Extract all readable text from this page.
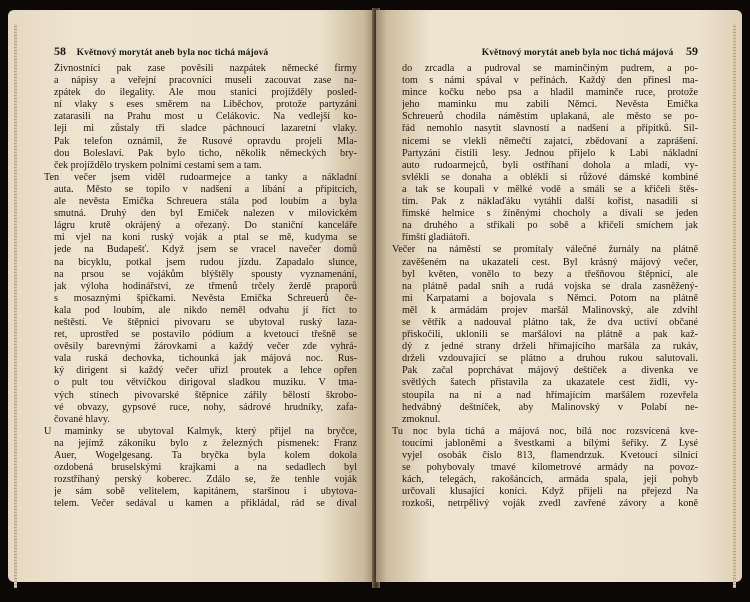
58 Květnový morytát aneb byla noc tichá májová
Živnostníci pak zase pověsili nazpátek německé firmy
a nápisy a veřejní pracovníci museli zacouvat zase na-
zpátek do ilegality. Ale mou stanici projížděly posled-
ní vlaky s eses směrem na Liběchov, protože partyzáni
zatarasili na Prahu most u Čelákovic. Na vedlejší ko-
leji mi zůstaly tři sladce páchnoucí lazaretní vlaky.
Pak telefon oznámil, že Rusové opravdu projeli Mla-
dou Boleslaví. Pak bylo ticho, několik německých bry-
ček projíždělo tryskem polními cestami sem a tam.
Ten večer jsem viděl rudoarmejce a tanky a nákladní
auta. Město se topilo v nadšení a líbání a přípitcích,
ale nevěsta Emička Schreuera stála pod loubím a byla
smutná. Druhý den byl Emiček nalezen v milovickém
lágru krutě okrájený a ořezaný. Do staniční kanceláře
mi vjel na koni ruský voják a ptal se mě, kudyma se
jede na Budapešť. Když jsem se vracel navečer domů
na bicyklu, potkal jsem rudou jízdu. Zapadalo slunce,
na prsou se vojákům blýštěly spousty vyznamenání,
jak výloha hodinářství, ze třmenů trčely žerdě praporů
s mosaznými špičkami. Nevěsta Emička Schreuerů če-
kala pod loubím, ale nikdo neměl odvahu jí říct to
neštěstí. Ve štěpnici pivovaru se ubytoval ruský laza-
ret, uprostřed se postavilo pódium a kvetoucí třešně se
ověsily barevnými žárovkami a každý večer zde vyhrá-
vala ruská dechovka, tichounká jak májová noc. Rus-
ký dirigent si každý večer uřízl proutek a lehce opřen
o pult tou větvičkou dirigoval sladkou muziku. V tma-
vých stínech pivovarské štěpnice zářily bělostí škrobo-
vé obvazy, gypsové ruce, nohy, sádrové hrudníky, zafa-
čované hlavy.
U maminky se ubytoval Kalmyk, který přijel na bryčce,
na jejímž zákoníku bylo z železných písmenek: Franz
Auer, Wogelgesang. Ta bryčka byla kolem dokola
ozdobená bruselskými krajkami a na sedadlech byl
rozstříhaný perský koberec. Zdálo se, že tenhle voják
je sám sobě velitelem, kapitánem, staršinou i ubytova-
telem. Večer sedával u kamen a přikládal, rád se díval
Květnový morytát aneb byla noc tichá májová 59
do zrcadla a pudroval se maminčiným pudrem, a po-
tom s námi spával v peřinách. Každý den přinesl ma-
mince kočku nebo psa a hladil maminče ruce, protože
jeho maminku mu zabili Němci. Nevěsta Emička
Schreuerů chodila náměstím uplakaná, ale město se po-
řád nemohlo nasytit slavností a nadšení a přípitků. Sil-
nicemi se vlekli němečtí zajatci, zbědovaní a zaprášení.
Partyzáni čistili lesy. Jednou přijelo k Labi nákladní
auto rudoarmejců, byli ostříhaní dohola a mladí, vy-
svlékli se donaha a oblékli si růžové dámské kombiné
a tak se koupali v mělké vodě a smáli se a křičeli štěs-
tím. Pak z náklaďáku vytáhli další kořist, nasadili si
římské helmice s žíněnými chocholy a dívali se jeden
na druhého a stříkali po sobě a křičeli smíchem jak
římští gladiátoři.
Večer na náměstí se promítaly válečné žurnály na plátně
zavěšeném na ukazateli cest. Byl krásný májový večer,
byl květen, vonělo to bezy a třešňovou štěpnicí, ale
na plátně padal sníh a rudá vojska se drala zasněžený-
mi Karpatami a bojovala s Němci. Potom na plátně
měl k armádám projev maršál Malinovský, ale zdvihl
se větřík a nadouval plátno tak, že dva uctiví občané
přiskočili, uklonili se maršálovi na plátně a pak kaž-
dý z jedné strany drželi hřímajícího maršála za rukáv,
drželi vzdouvající se plátno a druhou rukou salutovali.
Pak začal poprchávat májový deštíček a divenka ve
světlých šatech přistavila za ukazatele cest židli, vy-
stoupila na ni a nad hřímajícím maršálem rozevřela
hedvábný deštníček, aby Malinovský v Polabí ne-
zmoknul.
Tu noc byla tichá a májová noc, bílá noc rozsvícená kve-
toucími jabloněmi a švestkami a bílými šeříky. Z Lysé
vyjel osobák číslo 813, flamendrzuk. Kvetoucí silnicí
se pohybovaly tmavé kilometrové armády na povoz-
kách, telegách, rakošáncích, armáda spala, její pohyb
určovali klusající koníci. Když přijeli na přejezd Na
rozkoši, netrpělivý voják zvedl zavřené závory a koně
